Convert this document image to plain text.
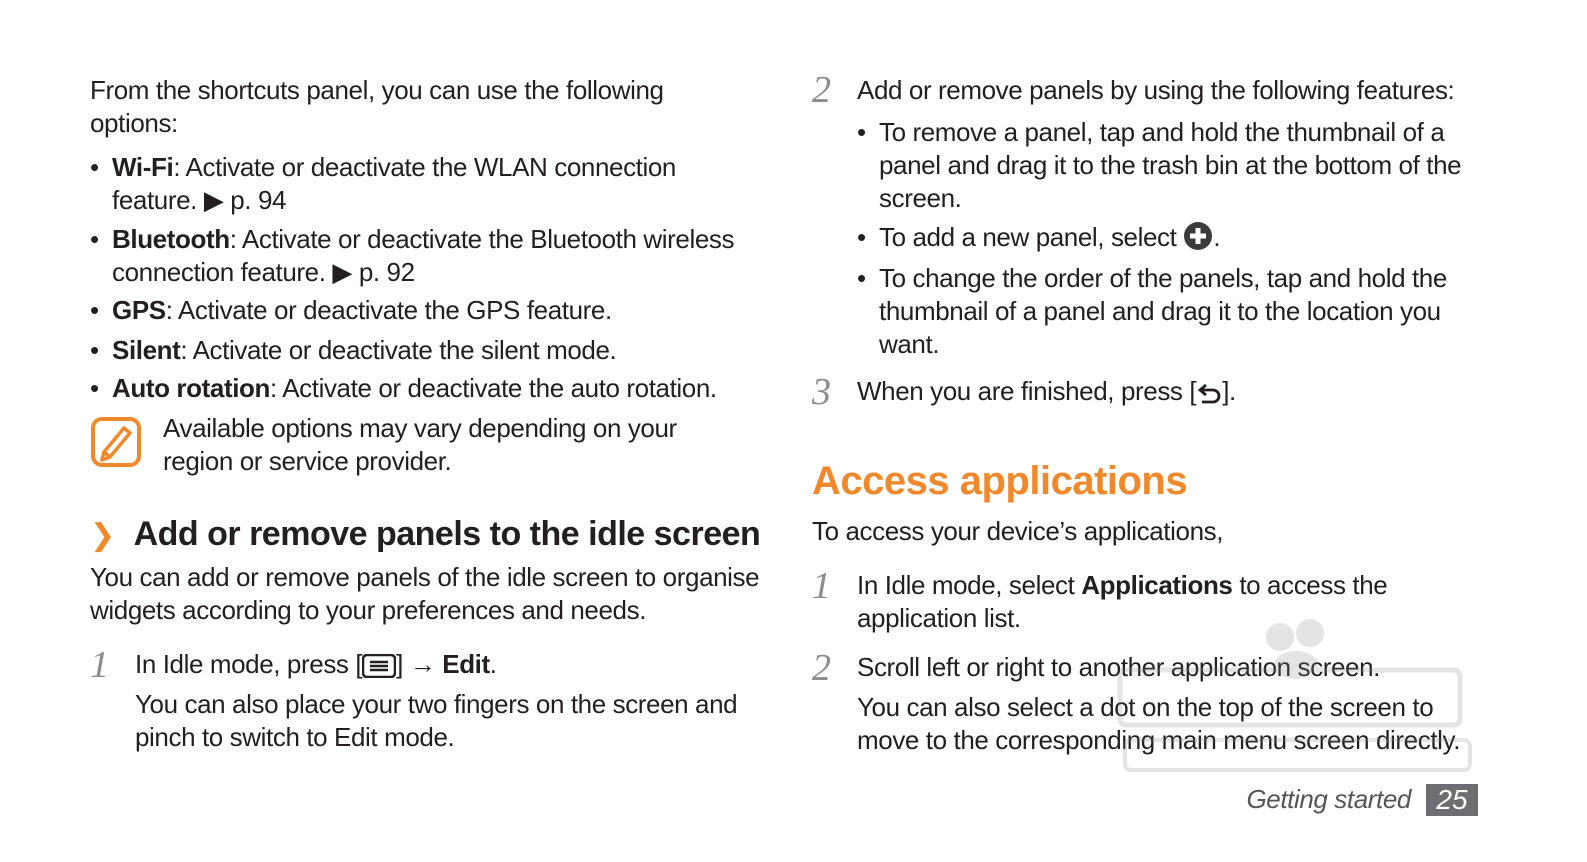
From the shortcuts panel, you can use the following options:
• Wi-Fi: Activate or deactivate the WLAN connection feature. ▶ p. 94
• Bluetooth: Activate or deactivate the Bluetooth wireless connection feature. ▶ p. 92
• GPS: Activate or deactivate the GPS feature.
• Silent: Activate or deactivate the silent mode.
• Auto rotation: Activate or deactivate the auto rotation.
Available options may vary depending on your region or service provider.
❯ Add or remove panels to the idle screen
You can add or remove panels of the idle screen to organise widgets according to your preferences and needs.
1 In Idle mode, press [ ] → Edit.
You can also place your two fingers on the screen and pinch to switch to Edit mode.
2 Add or remove panels by using the following features:
• To remove a panel, tap and hold the thumbnail of a panel and drag it to the trash bin at the bottom of the screen.
• To add a new panel, select .
• To change the order of the panels, tap and hold the thumbnail of a panel and drag it to the location you want.
3 When you are finished, press [ ].
Access applications
To access your device’s applications,
1 In Idle mode, select Applications to access the application list.
2 Scroll left or right to another application screen.
You can also select a dot on the top of the screen to move to the corresponding main menu screen directly.
Getting started 25
